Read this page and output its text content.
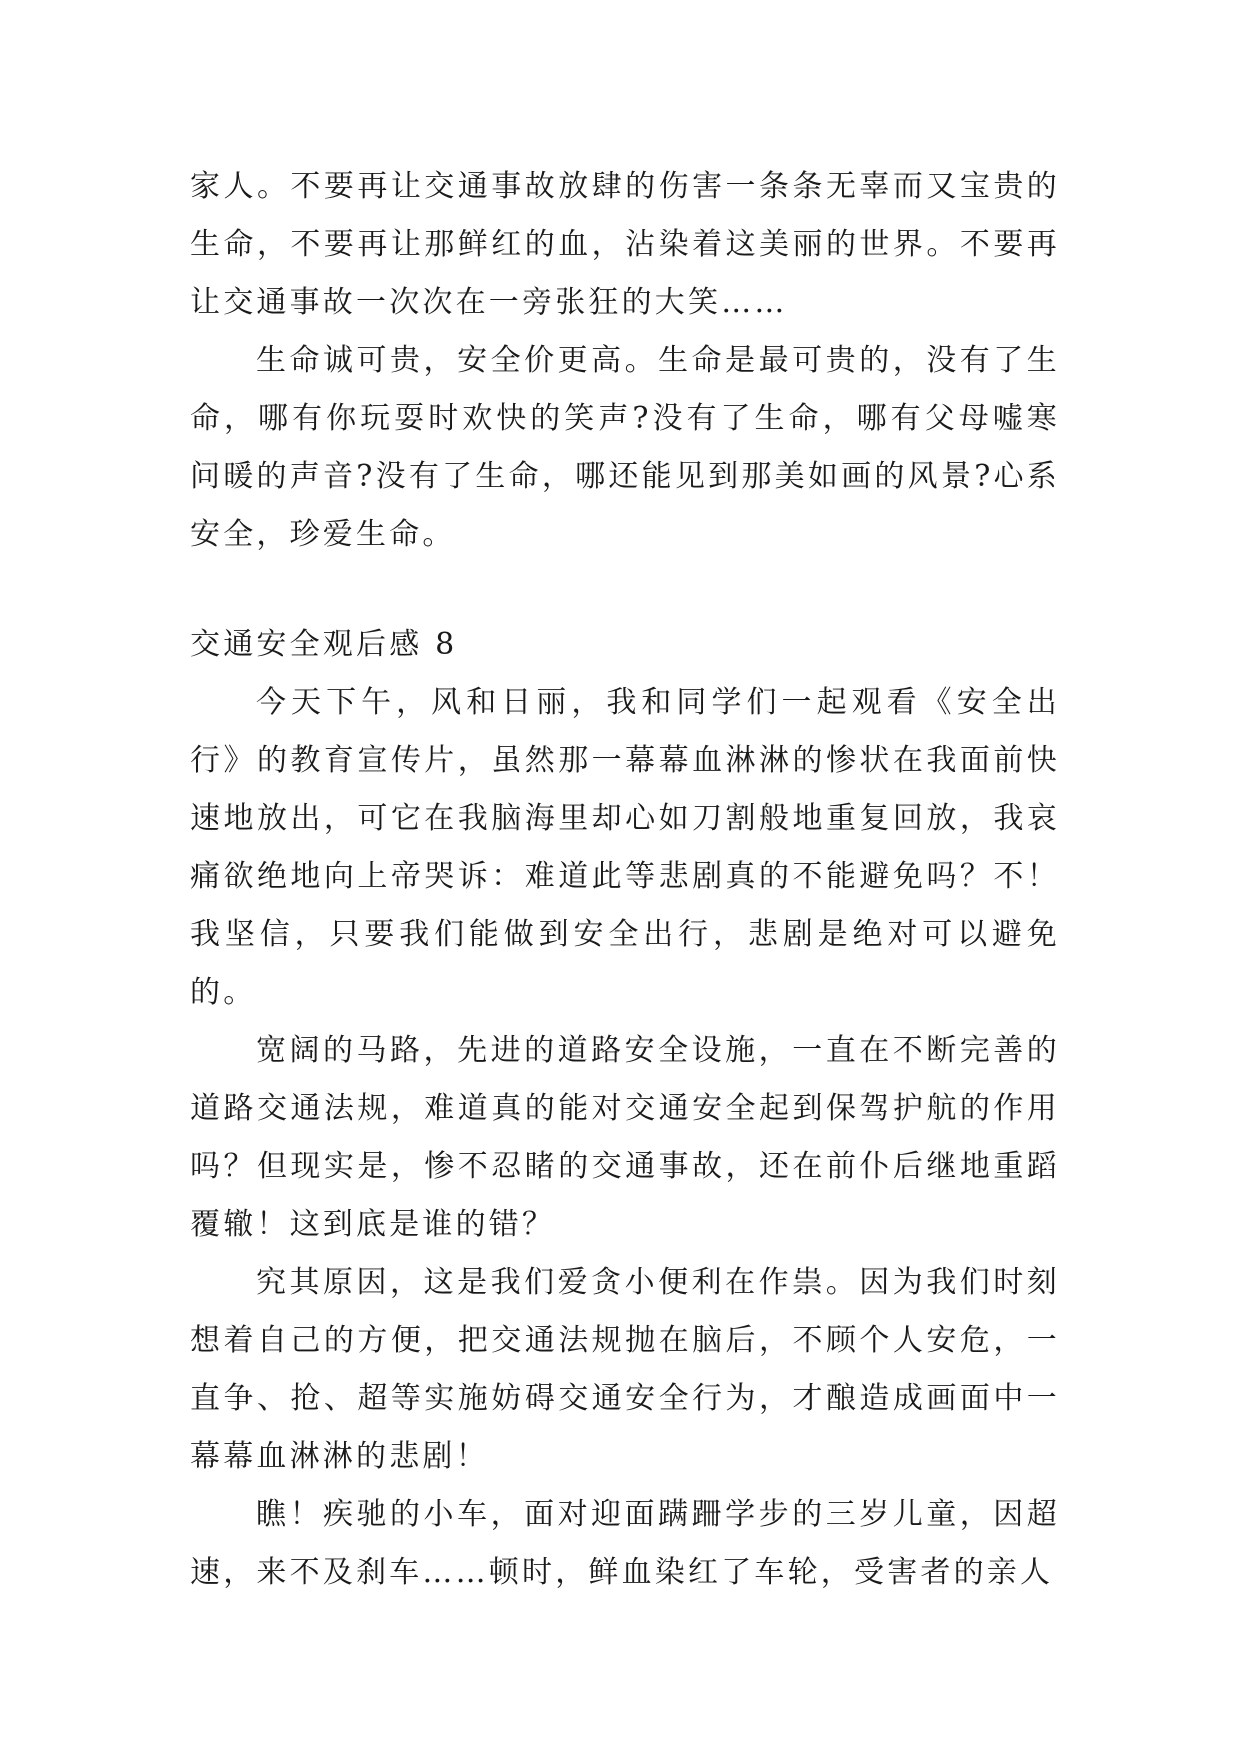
家人。不要再让交通事故放肆的伤害一条条无辜而又宝贵的生命，不要再让那鲜红的血，沾染着这美丽的世界。不要再让交通事故一次次在一旁张狂的大笑……

生命诚可贵，安全价更高。生命是最可贵的，没有了生命，哪有你玩耍时欢快的笑声?没有了生命，哪有父母嘘寒问暖的声音?没有了生命，哪还能见到那美如画的风景?心系安全，珍爱生命。

交通安全观后感 8

今天下午，风和日丽，我和同学们一起观看《安全出行》的教育宣传片，虽然那一幕幕血淋淋的惨状在我面前快速地放出，可它在我脑海里却心如刀割般地重复回放，我哀痛欲绝地向上帝哭诉：难道此等悲剧真的不能避免吗？不！我坚信，只要我们能做到安全出行，悲剧是绝对可以避免的。

宽阔的马路，先进的道路安全设施，一直在不断完善的道路交通法规，难道真的能对交通安全起到保驾护航的作用吗？但现实是，惨不忍睹的交通事故，还在前仆后继地重蹈覆辙！这到底是谁的错？

究其原因，这是我们爱贪小便利在作祟。因为我们时刻想着自己的方便，把交通法规抛在脑后，不顾个人安危，一直争、抢、超等实施妨碍交通安全行为，才酿造成画面中一幕幕血淋淋的悲剧！

瞧！疾驰的小车，面对迎面蹒跚学步的三岁儿童，因超速，来不及刹车……顿时，鲜血染红了车轮，受害者的亲人
